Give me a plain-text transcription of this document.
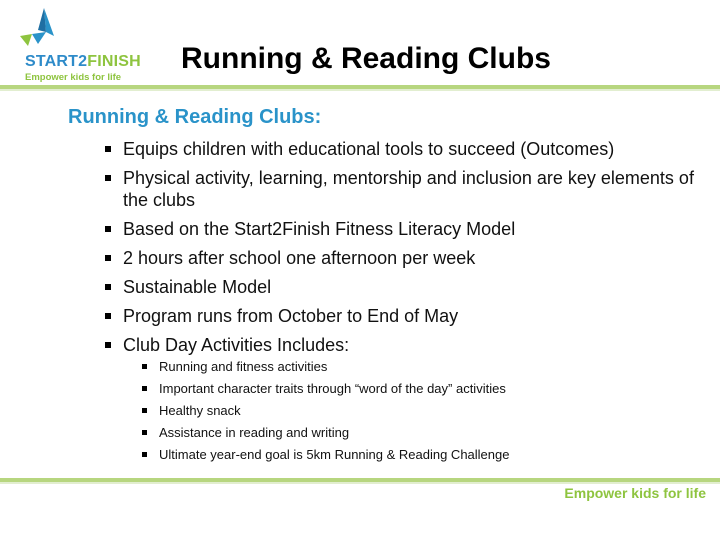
START2FINISH
Empower kids for life
Running & Reading Clubs
Running & Reading Clubs:
Equips children with educational tools to succeed (Outcomes)
Physical activity, learning, mentorship and inclusion are key elements of the clubs
Based on the Start2Finish Fitness Literacy Model
2 hours after school one afternoon per week
Sustainable Model
Program runs from October to End of May
Club Day Activities Includes:
Running and fitness activities
Important character traits through “word of the day” activities
Healthy snack
Assistance in reading and writing
Ultimate year-end goal is 5km Running & Reading Challenge
Empower kids for life
